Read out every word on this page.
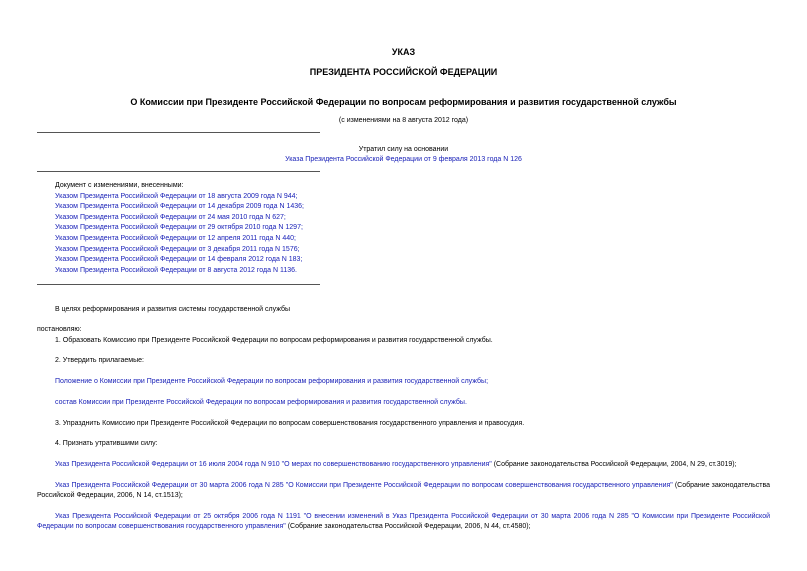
УКАЗ
ПРЕЗИДЕНТА РОССИЙСКОЙ ФЕДЕРАЦИИ
О Комиссии при Президенте Российской Федерации по вопросам реформирования и развития государственной службы
(с изменениями на 8 августа 2012 года)
Утратил силу на основании
Указа Президента Российской Федерации от 9 февраля 2013 года N 126
Документ с изменениями, внесенными:
Указом Президента Российской Федерации от 18 августа 2009 года N 944;
Указом Президента Российской Федерации от 14 декабря 2009 года N 1436;
Указом Президента Российской Федерации от 24 мая 2010 года N 627;
Указом Президента Российской Федерации от 29 октября 2010 года N 1297;
Указом Президента Российской Федерации от 12 апреля 2011 года N 440;
Указом Президента Российской Федерации от 3 декабря 2011 года N 1576;
Указом Президента Российской Федерации от 14 февраля 2012 года N 183;
Указом Президента Российской Федерации от 8 августа 2012 года N 1136.
В целях реформирования и развития системы государственной службы
постановляю:
1. Образовать Комиссию при Президенте Российской Федерации по вопросам реформирования и развития государственной службы.
2. Утвердить прилагаемые:
Положение о Комиссии при Президенте Российской Федерации по вопросам реформирования и развития государственной службы;
состав Комиссии при Президенте Российской Федерации по вопросам реформирования и развития государственной службы.
3. Упразднить Комиссию при Президенте Российской Федерации по вопросам совершенствования государственного управления и правосудия.
4. Признать утратившими силу:
Указ Президента Российской Федерации от 16 июля 2004 года N 910 "О мерах по совершенствованию государственного управления" (Собрание законодательства Российской Федерации, 2004, N 29, ст.3019);
Указ Президента Российской Федерации от 30 марта 2006 года N 285 "О Комиссии при Президенте Российской Федерации по вопросам совершенствования государственного управления" (Собрание законодательства Российской Федерации, 2006, N 14, ст.1513);
Указ Президента Российской Федерации от 25 октября 2006 года N 1191 "О внесении изменений в Указ Президента Российской Федерации от 30 марта 2006 года N 285 "О Комиссии при Президенте Российской Федерации по вопросам совершенствования государственного управления" (Собрание законодательства Российской Федерации, 2006, N 44, ст.4580);
